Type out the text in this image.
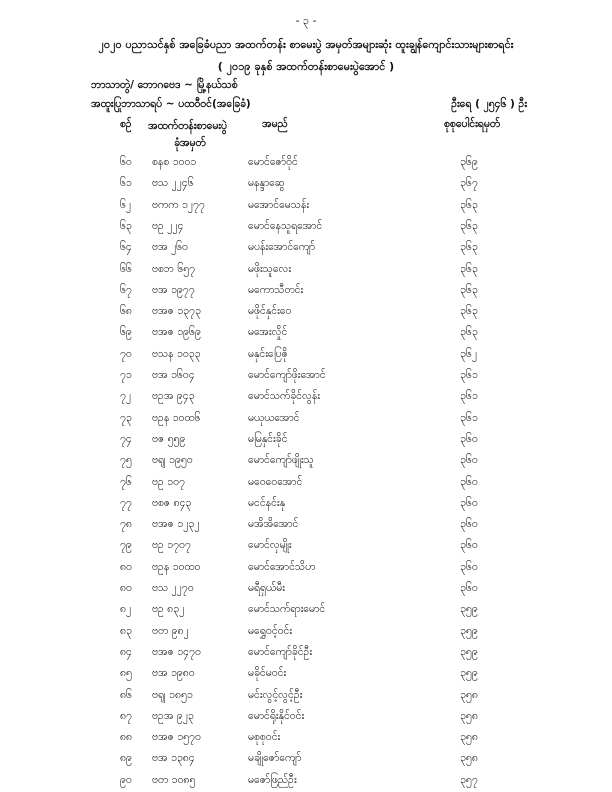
- ၃ -
၂၀၂၀ ပညာသင်နှစ် အခြေခံပညာ အထက်တန်း စာမေးပွဲ အမှတ်အများဆုံး ထူးချွန်ကျောင်းသားများစာရင်း
( ၂၀၁၉ ခုနှစ် အထက်တန်းစာမေးပွဲအောင် )
ဘာသာတွဲ/ ဘောဂဗေဒ ~ မြို့နယ်သစ်
အထူးပြုဘာသာရပ် ~ ပထဝီဝင်(အခြေခံ)	ဦးရေ ( ၂၅၄၆ ) ဦး
စဉ် အထက်တန်းစာမေးပွဲ
ခုံအမှတ်
အမည်	စုစုပေါင်းရမှတ်
၆၀ စနစ ၁၀၀၁	မောင်ဇော်ဝိုင်	၃၆၉
၆၁ ဗသ ၂၂၄၆	မနန္ဒာဆွေ	၃၆၇
၆၂ ဗကက ၁၂၇၇	မအောင်မေသန်း	၃၆၃
၆၃ ဗဥ ၂၂၄	မောင်နေသူရအောင်	၃၆၃
၆၄ ဗအ ၂၆၀	မပန်းအောင်ကျော်	၃၆၃
၆၆ ဗစဘ ၆၅၇	မဖိုးသူလေး	၃၆၃
၆၇ ဗအ ၁၉၇၇	မကောသီတင်း	၃၆၃
၆၈ ဗအဇ ၁၃၇၃	မဖိုင်နှင်းဝေ	၃၆၃
၆၉ ဗအဇ ၁၉၆၉	မအေးလှိုင်	၃၆၃
၇၀ ဗသန ၁၀၃၃	မနှင်းပြေဇို	၃၆၂
၇၁ ဗအ ၁၆၀၄	မောင်ကျော်ဖိုးအောင်	၃၆၁
၇၂ ဗဥအ ၉၄၃	မောင်သက်ခိုင်လွန်း	၃၆၁
၇၃ ဗဥန ၁၀ထ၆	မယုယအောင်	၃၆၁
၇၄ ဗဇ ၅၅၉	မမြနှင်းခိုင်	၃၆၀
၇၅ ဗရျ ၁၉၅၀	မောင်ကျော်ဖျိုးသူ	၃၆၀
၇၆ ဗဥ ၁၀၇	မဝေဝေအောင်	၃၆၀
၇၇ ဗစဇ ၈၄၃	မငင်နင်းနု	၃၆၀
၇၈ ဗအဇ ၁၂၃၂	မအိအိအောင်	၃၆၀
၇၉ ဗဥ ၁၇၀၇	မောင်လှမျိုး	၃၆၀
၈၀ ဗဥန ၁၀ထ၀	မောင်အောင်သိဟ	၃၆၀
၈၀ ဗသ ၂၂၇၀	မရီရှယ်မီး	၃၆၀
၈၂ ဗဥ ၈၃၂	မောင်သက်ရားမောင်	၃၅၉
၈၃ ဗတ ၉၈၂	မရွှေဝင့်ဝင်း	၃၅၉
၈၄ ဗအဇ ၁၄၇၀	မောင်ကျော်ခိုင်ဦး	၃၅၉
၈၅ ဗအ ၁၉၈၀	မခိုင်မဝင်း	၃၅၉
၈၆ ဗရျ ၁၈၅၁	မင်းလွင့်လွင့်ဦး	၃၅၈
၈၇ ဗဥအ ၉၂၃	မောင်ရိုးနိုင်ဝင်း	၃၅၈
၈၈ ဗအဇ ၁၅၇၀	မစုစုဝင်း	၃၅၈
၈၉ ဗအ ၁၃၈၄	မချိုဇော်ကျော်	၃၅၈
၉၀ ဗတ ၁၀၈၅	မဇော်ဖြည်ဦး	၃၅၇
